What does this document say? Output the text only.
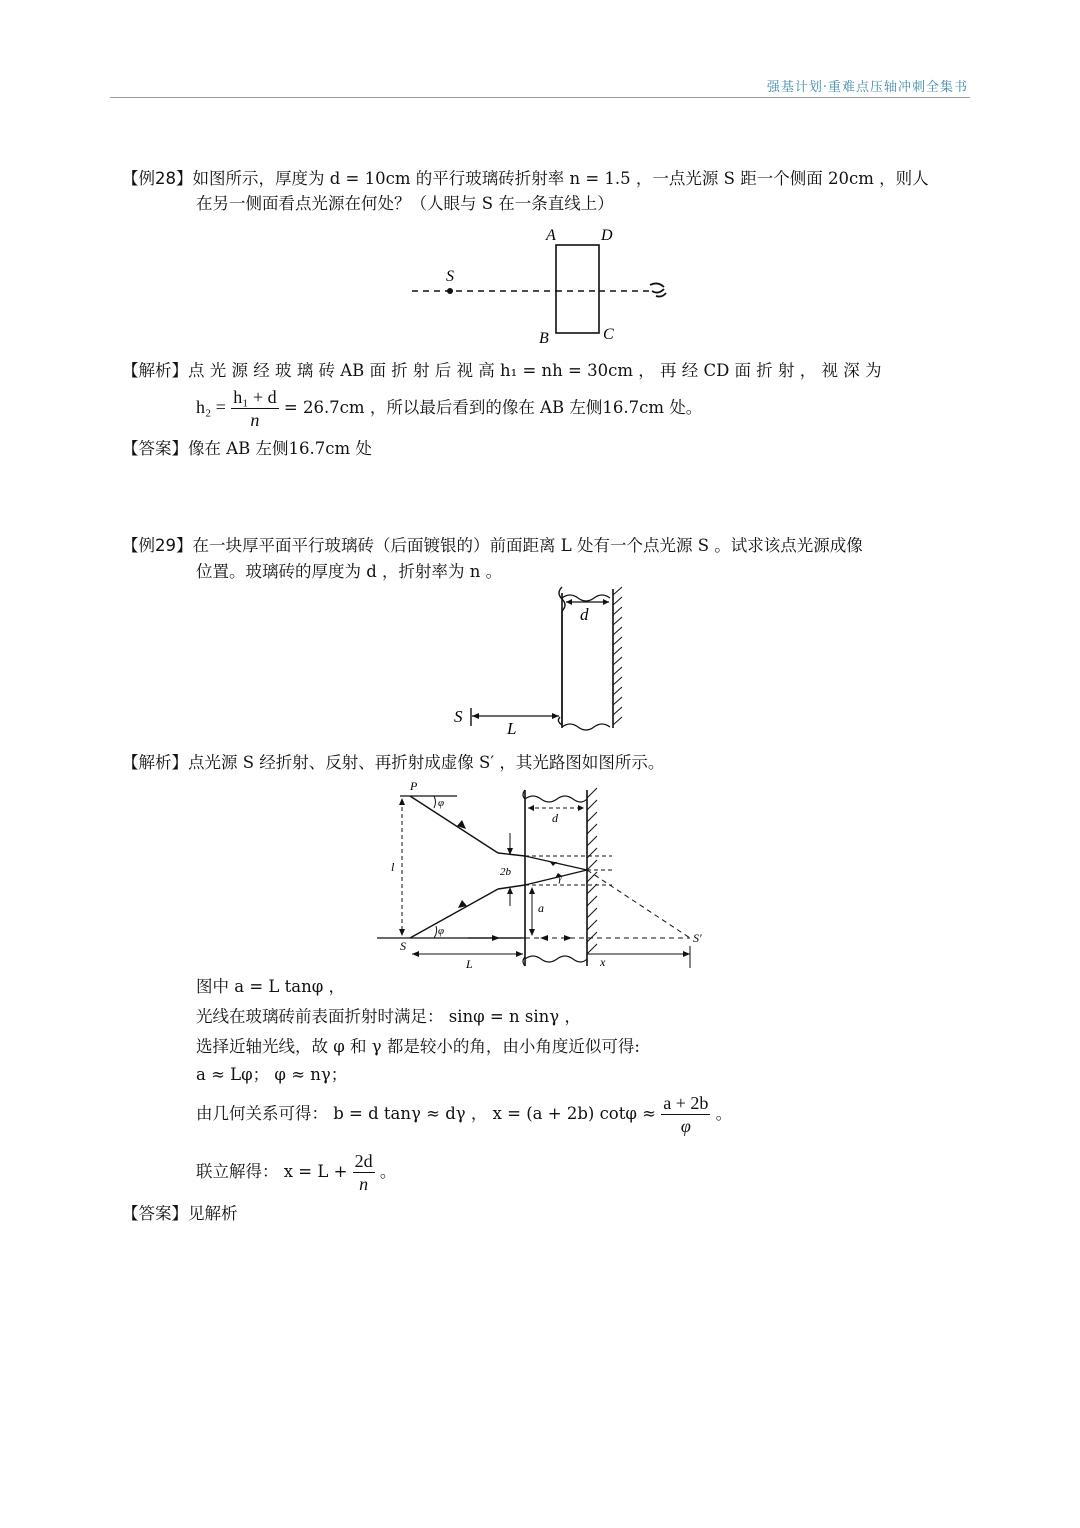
强基计划·重难点压轴冲刺全集书
【例28】如图所示，厚度为 d = 10cm 的平行玻璃砖折射率 n = 1.5 ，一点光源 S 距一个侧面 20cm ，则人
在另一侧面看点光源在何处？（人眼与 S 在一条直线上）
A	D
S
B	C
【解析】点 光 源 经 玻 璃 砖 AB 面 折 射 后 视 高 h₁ = nh = 30cm ， 再 经 CD 面 折 射 ， 视 深 为
$h_2 = \frac{\text{h₁ + d}}{n} = 26.7cm$ ，所以最后看到的像在 AB 左侧16.7cm 处。
【答案】像在 AB 左侧16.7cm 处
【例29】在一块厚平面平行玻璃砖（后面镀银的）前面距离 L 处有一个点光源 S 。试求该点光源成像
位置。玻璃砖的厚度为 d ，折射率为 n 。
d
S
L
【解析】点光源 S 经折射、反射、再折射成虚像 S′ ，其光路图如图所示。
d
P
S
l
S′
2b
a
φ
φ
γ
L	x
图中 a = L tanφ ，
光线在玻璃砖前表面折射时满足： sinφ = n sinγ ，
选择近轴光线，故 φ 和 γ 都是较小的角，由小角度近似可得:
a ≈ Lφ； φ ≈ nγ；
由几何关系可得： b = d tanγ ≈ dγ ， x = (a + 2b) $\cot\varphi \approx \frac{a + 2b}{\varphi}$ 。
联立解得： $x = L + \frac{2d}{n}$ 。
【答案】见解析
